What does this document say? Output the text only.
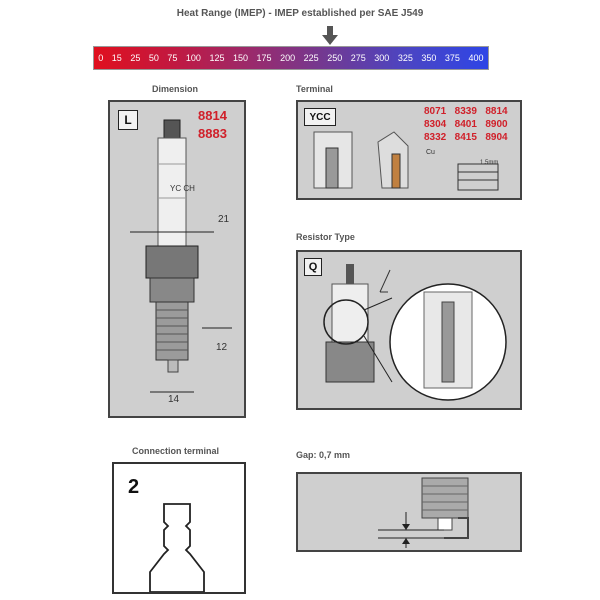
Heat Range (IMEP) - IMEP established per SAE J549
0 15 25 50 75 100 125 150 175 200 225 250 275 300 325 350 375 400
Dimension
L	8814
8883
YC CH
21
12
14
Terminal
YCC	8071 8339 8814
8304 8401 8900
8332 8415 8904
Cu
1.5mm
Resistor Type
Q
Connection terminal
2
Gap: 0,7 mm
